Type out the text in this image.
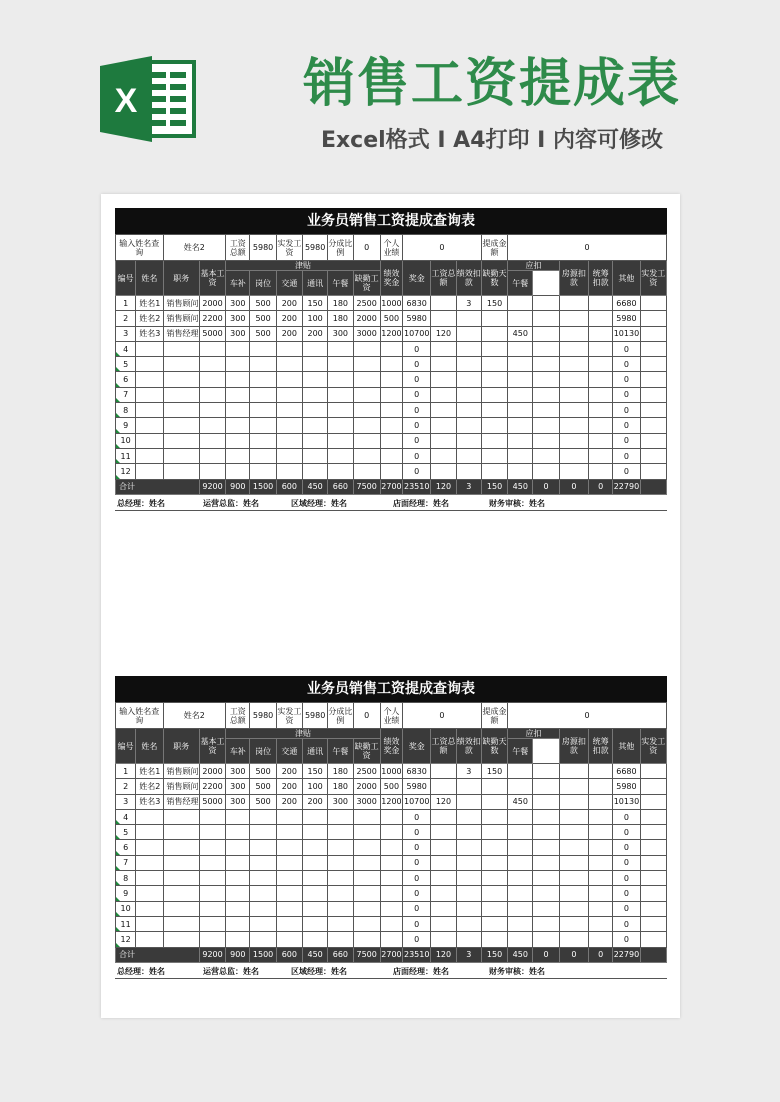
X	销售工资提成表
Excel格式 I A4打印 I 内容可修改
业务员销售工资提成查询表
输入姓名查询		姓名2		工资总额	5980	实发工资	5980	分成比例	0	个人业绩	0			提成金额	0					
编号	姓名	职务	基本工资	津贴						绩效奖金	奖金	工资总额	绩效扣款	缺勤天数	应扣		房源扣款	统筹扣款	其他	实发工资
				车补	岗位	交通	通讯	午餐	缺勤工资						午餐					
1	姓名1	销售顾问	2000	300	500	200	150	180	2500	1000	6830		3	150					6680	
2	姓名2	销售顾问	2200	300	500	200	100	180	2000	500	5980								5980	
3	姓名3	销售经理	5000	300	500	200	200	300	3000	1200	10700	120			450				10130	
4											0								0	
5											0								0	
6											0								0	
7											0								0	
8											0								0	
9											0								0	
10											0								0	
11											0								0	
12											0								0	
合计			9200	900	1500	600	450	660	7500	2700	23510	120	3	150	450	0	0	0	22790	
总经理：姓名	运营总监：姓名	区域经理：姓名	店面经理：姓名	财务审核：姓名
业务员销售工资提成查询表
输入姓名查询		姓名2		工资总额	5980	实发工资	5980	分成比例	0	个人业绩	0			提成金额	0					
编号	姓名	职务	基本工资	津贴						绩效奖金	奖金	工资总额	绩效扣款	缺勤天数	应扣		房源扣款	统筹扣款	其他	实发工资
				车补	岗位	交通	通讯	午餐	缺勤工资						午餐					
1	姓名1	销售顾问	2000	300	500	200	150	180	2500	1000	6830		3	150					6680	
2	姓名2	销售顾问	2200	300	500	200	100	180	2000	500	5980								5980	
3	姓名3	销售经理	5000	300	500	200	200	300	3000	1200	10700	120			450				10130	
4											0								0	
5											0								0	
6											0								0	
7											0								0	
8											0								0	
9											0								0	
10											0								0	
11											0								0	
12											0								0	
合计			9200	900	1500	600	450	660	7500	2700	23510	120	3	150	450	0	0	0	22790	
总经理：姓名	运营总监：姓名	区域经理：姓名	店面经理：姓名	财务审核：姓名
